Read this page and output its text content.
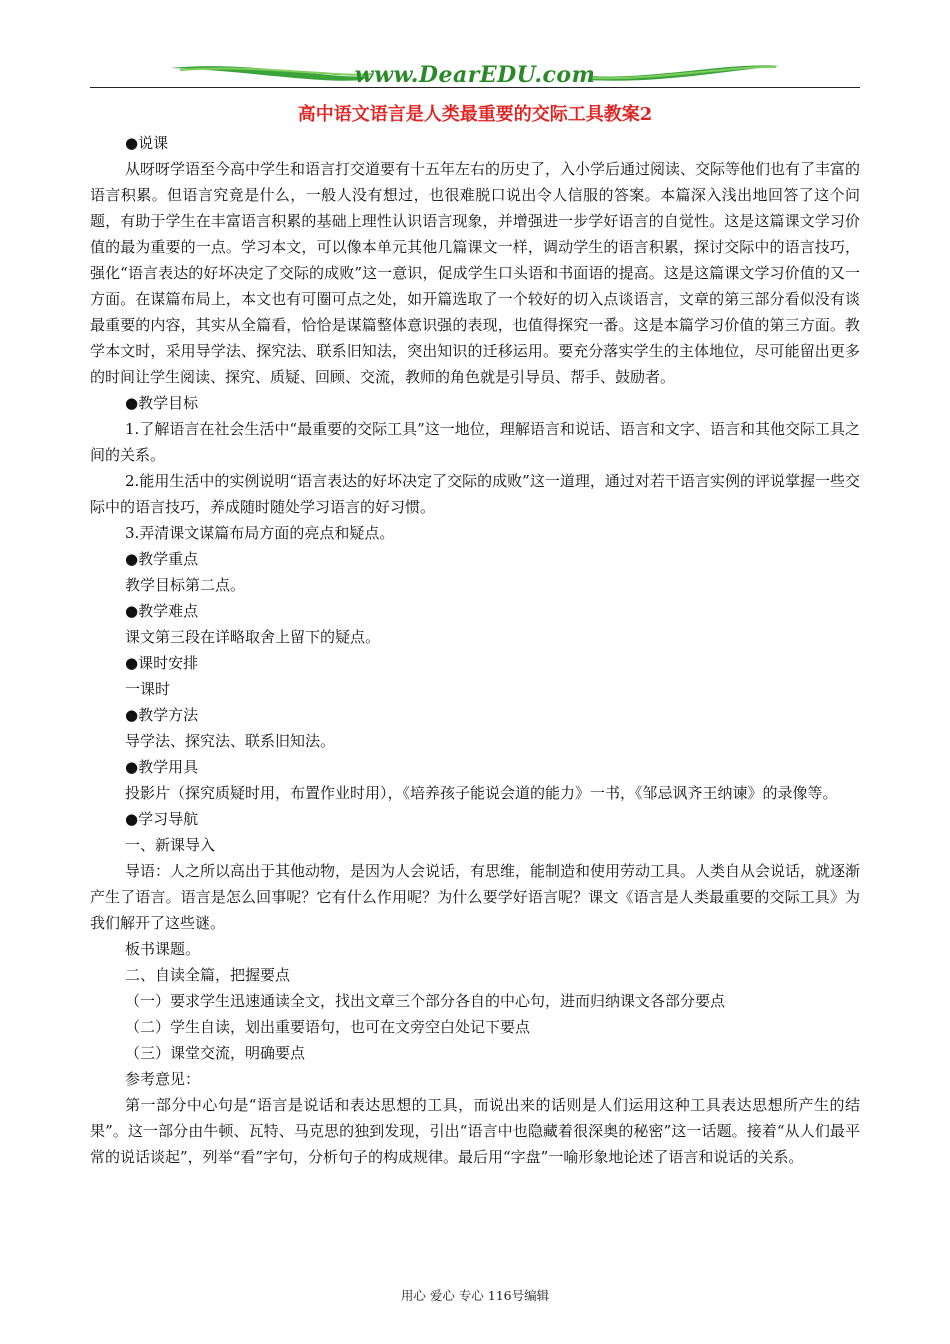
www.DearEDU.com
高中语文语言是人类最重要的交际工具教案2

●说课

从呀呀学语至今高中学生和语言打交道要有十五年左右的历史了，入小学后通过阅读、交际等他们也有了丰富的语言积累。但语言究竟是什么，一般人没有想过，也很难脱口说出令人信服的答案。本篇深入浅出地回答了这个问题，有助于学生在丰富语言积累的基础上理性认识语言现象，并增强进一步学好语言的自觉性。这是这篇课文学习价值的最为重要的一点。学习本文，可以像本单元其他几篇课文一样，调动学生的语言积累，探讨交际中的语言技巧，强化“语言表达的好坏决定了交际的成败”这一意识，促成学生口头语和书面语的提高。这是这篇课文学习价值的又一方面。在谋篇布局上，本文也有可圈可点之处，如开篇选取了一个较好的切入点谈语言，文章的第三部分看似没有谈最重要的内容，其实从全篇看，恰恰是谋篇整体意识强的表现，也值得探究一番。这是本篇学习价值的第三方面。教学本文时，采用导学法、探究法、联系旧知法，突出知识的迁移运用。要充分落实学生的主体地位，尽可能留出更多的时间让学生阅读、探究、质疑、回顾、交流，教师的角色就是引导员、帮手、鼓励者。

●教学目标

1.了解语言在社会生活中“最重要的交际工具”这一地位，理解语言和说话、语言和文字、语言和其他交际工具之间的关系。

2.能用生活中的实例说明“语言表达的好坏决定了交际的成败”这一道理，通过对若干语言实例的评说掌握一些交际中的语言技巧，养成随时随处学习语言的好习惯。

3.弄清课文谋篇布局方面的亮点和疑点。

●教学重点

教学目标第二点。

●教学难点

课文第三段在详略取舍上留下的疑点。

●课时安排

一课时

●教学方法

导学法、探究法、联系旧知法。

●教学用具

投影片（探究质疑时用，布置作业时用），《培养孩子能说会道的能力》一书，《邹忌讽齐王纳谏》的录像等。

●学习导航

一、新课导入

导语：人之所以高出于其他动物，是因为人会说话，有思维，能制造和使用劳动工具。人类自从会说话，就逐渐产生了语言。语言是怎么回事呢？它有什么作用呢？为什么要学好语言呢？课文《语言是人类最重要的交际工具》为我们解开了这些谜。

板书课题。

二、自读全篇，把握要点

（一）要求学生迅速通读全文，找出文章三个部分各自的中心句，进而归纳课文各部分要点

（二）学生自读，划出重要语句，也可在文旁空白处记下要点

（三）课堂交流，明确要点

参考意见：

第一部分中心句是“语言是说话和表达思想的工具，而说出来的话则是人们运用这种工具表达思想所产生的结果”。这一部分由牛顿、瓦特、马克思的独到发现，引出“语言中也隐藏着很深奥的秘密”这一话题。接着“从人们最平常的说话谈起”，列举“看”字句，分析句子的构成规律。最后用“字盘”一喻形象地论述了语言和说话的关系。

用心 爱心 专心 116号编辑
